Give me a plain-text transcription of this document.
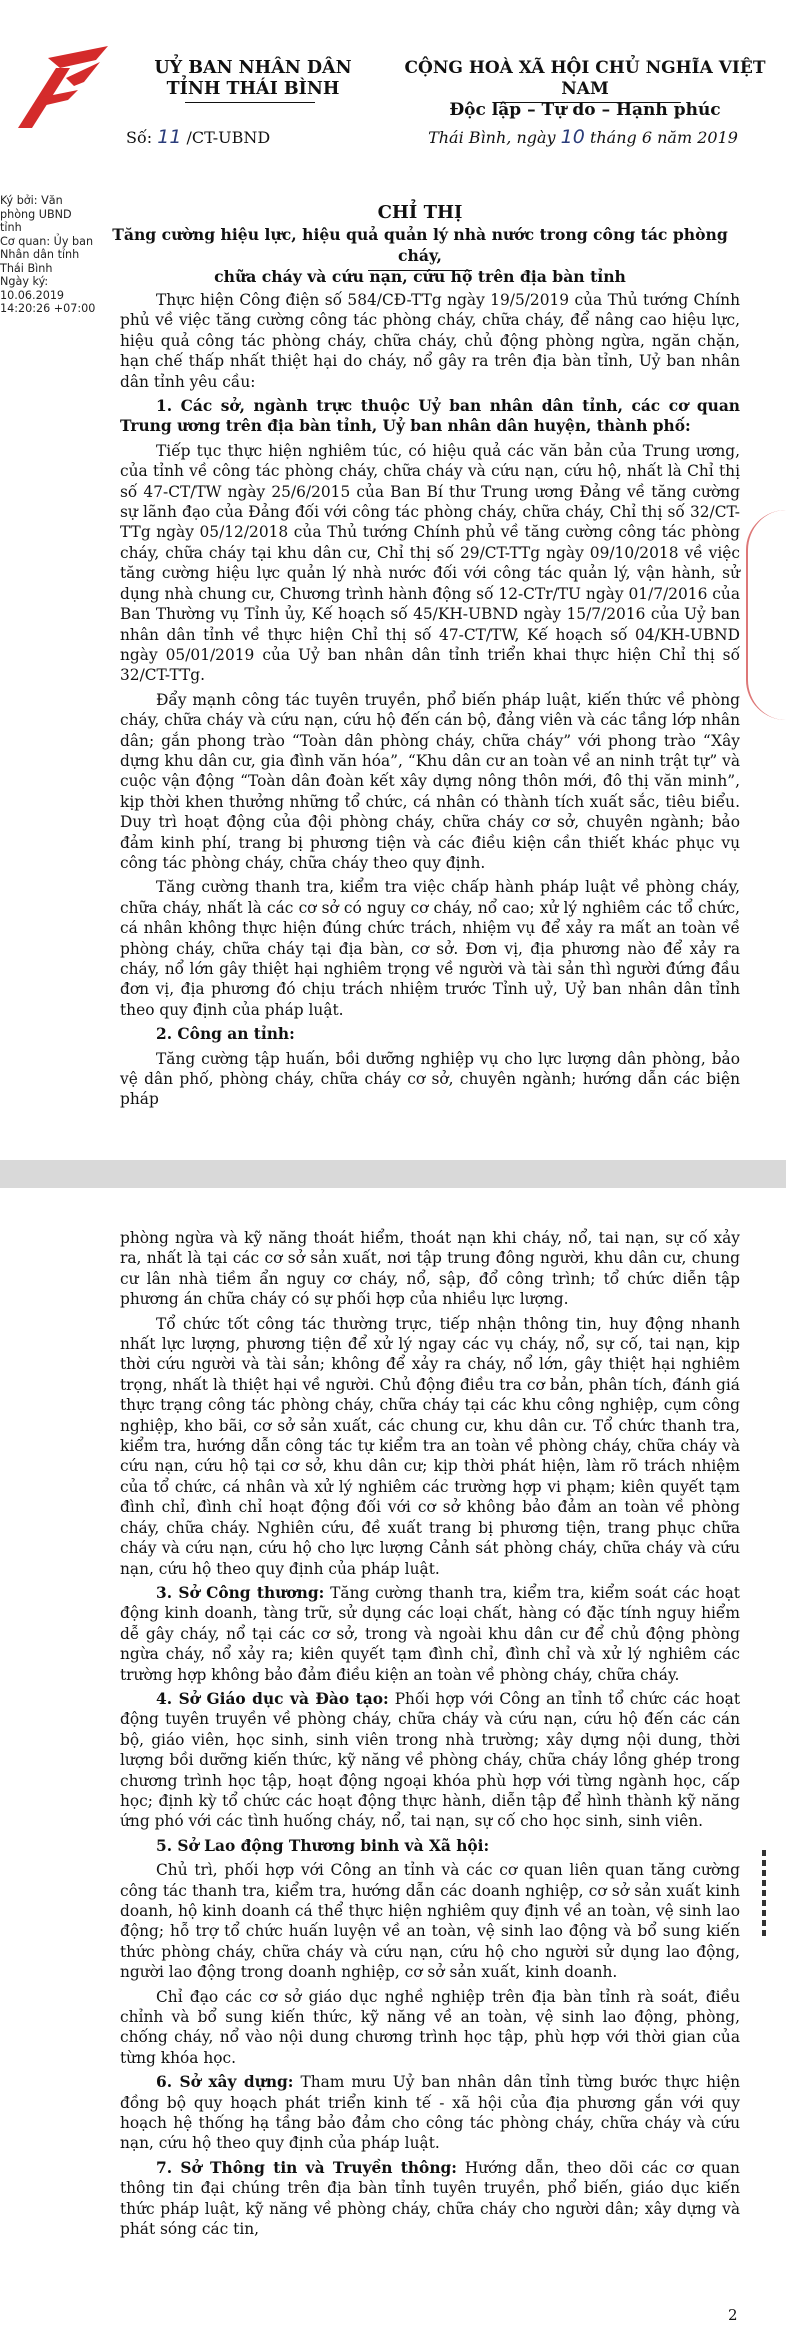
UỶ BAN NHÂN DÂN
TỈNH THÁI BÌNH
CỘNG HOÀ XÃ HỘI CHỦ NGHĨA VIỆT NAM
Độc lập – Tự do – Hạnh phúc
Số: 11 /CT-UBND	Thái Bình, ngày 10 tháng 6 năm 2019
Ký bởi: Văn phòng UBND tỉnh
Cơ quan: Ủy ban Nhân dân tỉnh Thái Bình
Ngày ký: 10.06.2019 14:20:26 +07:00
CHỈ THỊ
Tăng cường hiệu lực, hiệu quả quản lý nhà nước trong công tác phòng cháy,
chữa cháy và cứu nạn, cứu hộ trên địa bàn tỉnh

Thực hiện Công điện số 584/CĐ-TTg ngày 19/5/2019 của Thủ tướng Chính phủ về việc tăng cường công tác phòng cháy, chữa cháy, để nâng cao hiệu lực, hiệu quả công tác phòng cháy, chữa cháy, chủ động phòng ngừa, ngăn chặn, hạn chế thấp nhất thiệt hại do cháy, nổ gây ra trên địa bàn tỉnh, Uỷ ban nhân dân tỉnh yêu cầu:

1. Các sở, ngành trực thuộc Uỷ ban nhân dân tỉnh, các cơ quan Trung ương trên địa bàn tỉnh, Uỷ ban nhân dân huyện, thành phố:

Tiếp tục thực hiện nghiêm túc, có hiệu quả các văn bản của Trung ương, của tỉnh về công tác phòng cháy, chữa cháy và cứu nạn, cứu hộ, nhất là Chỉ thị số 47-CT/TW ngày 25/6/2015 của Ban Bí thư Trung ương Đảng về tăng cường sự lãnh đạo của Đảng đối với công tác phòng cháy, chữa cháy, Chỉ thị số 32/CT-TTg ngày 05/12/2018 của Thủ tướng Chính phủ về tăng cường công tác phòng cháy, chữa cháy tại khu dân cư, Chỉ thị số 29/CT-TTg ngày 09/10/2018 về việc tăng cường hiệu lực quản lý nhà nước đối với công tác quản lý, vận hành, sử dụng nhà chung cư, Chương trình hành động số 12-CTr/TU ngày 01/7/2016 của Ban Thường vụ Tỉnh ủy, Kế hoạch số 45/KH-UBND ngày 15/7/2016 của Uỷ ban nhân dân tỉnh về thực hiện Chỉ thị số 47-CT/TW, Kế hoạch số 04/KH-UBND ngày 05/01/2019 của Uỷ ban nhân dân tỉnh triển khai thực hiện Chỉ thị số 32/CT-TTg.

Đẩy mạnh công tác tuyên truyền, phổ biến pháp luật, kiến thức về phòng cháy, chữa cháy và cứu nạn, cứu hộ đến cán bộ, đảng viên và các tầng lớp nhân dân; gắn phong trào “Toàn dân phòng cháy, chữa cháy” với phong trào “Xây dựng khu dân cư, gia đình văn hóa”, “Khu dân cư an toàn về an ninh trật tự” và cuộc vận động “Toàn dân đoàn kết xây dựng nông thôn mới, đô thị văn minh”, kịp thời khen thưởng những tổ chức, cá nhân có thành tích xuất sắc, tiêu biểu. Duy trì hoạt động của đội phòng cháy, chữa cháy cơ sở, chuyên ngành; bảo đảm kinh phí, trang bị phương tiện và các điều kiện cần thiết khác phục vụ công tác phòng cháy, chữa cháy theo quy định.

Tăng cường thanh tra, kiểm tra việc chấp hành pháp luật về phòng cháy, chữa cháy, nhất là các cơ sở có nguy cơ cháy, nổ cao; xử lý nghiêm các tổ chức, cá nhân không thực hiện đúng chức trách, nhiệm vụ để xảy ra mất an toàn về phòng cháy, chữa cháy tại địa bàn, cơ sở. Đơn vị, địa phương nào để xảy ra cháy, nổ lớn gây thiệt hại nghiêm trọng về người và tài sản thì người đứng đầu đơn vị, địa phương đó chịu trách nhiệm trước Tỉnh uỷ, Uỷ ban nhân dân tỉnh theo quy định của pháp luật.

2. Công an tỉnh:

Tăng cường tập huấn, bồi dưỡng nghiệp vụ cho lực lượng dân phòng, bảo vệ dân phố, phòng cháy, chữa cháy cơ sở, chuyên ngành; hướng dẫn các biện pháp

phòng ngừa và kỹ năng thoát hiểm, thoát nạn khi cháy, nổ, tai nạn, sự cố xảy ra, nhất là tại các cơ sở sản xuất, nơi tập trung đông người, khu dân cư, chung cư lân nhà tiềm ẩn nguy cơ cháy, nổ, sập, đổ công trình; tổ chức diễn tập phương án chữa cháy có sự phối hợp của nhiều lực lượng.

Tổ chức tốt công tác thường trực, tiếp nhận thông tin, huy động nhanh nhất lực lượng, phương tiện để xử lý ngay các vụ cháy, nổ, sự cố, tai nạn, kịp thời cứu người và tài sản; không để xảy ra cháy, nổ lớn, gây thiệt hại nghiêm trọng, nhất là thiệt hại về người. Chủ động điều tra cơ bản, phân tích, đánh giá thực trạng công tác phòng cháy, chữa cháy tại các khu công nghiệp, cụm công nghiệp, kho bãi, cơ sở sản xuất, các chung cư, khu dân cư. Tổ chức thanh tra, kiểm tra, hướng dẫn công tác tự kiểm tra an toàn về phòng cháy, chữa cháy và cứu nạn, cứu hộ tại cơ sở, khu dân cư; kịp thời phát hiện, làm rõ trách nhiệm của tổ chức, cá nhân và xử lý nghiêm các trường hợp vi phạm; kiên quyết tạm đình chỉ, đình chỉ hoạt động đối với cơ sở không bảo đảm an toàn về phòng cháy, chữa cháy. Nghiên cứu, đề xuất trang bị phương tiện, trang phục chữa cháy và cứu nạn, cứu hộ cho lực lượng Cảnh sát phòng cháy, chữa cháy và cứu nạn, cứu hộ theo quy định của pháp luật.

3. Sở Công thương: Tăng cường thanh tra, kiểm tra, kiểm soát các hoạt động kinh doanh, tàng trữ, sử dụng các loại chất, hàng có đặc tính nguy hiểm dễ gây cháy, nổ tại các cơ sở, trong và ngoài khu dân cư để chủ động phòng ngừa cháy, nổ xảy ra; kiên quyết tạm đình chỉ, đình chỉ và xử lý nghiêm các trường hợp không bảo đảm điều kiện an toàn về phòng cháy, chữa cháy.

4. Sở Giáo dục và Đào tạo: Phối hợp với Công an tỉnh tổ chức các hoạt động tuyên truyền về phòng cháy, chữa cháy và cứu nạn, cứu hộ đến các cán bộ, giáo viên, học sinh, sinh viên trong nhà trường; xây dựng nội dung, thời lượng bồi dưỡng kiến thức, kỹ năng về phòng cháy, chữa cháy lồng ghép trong chương trình học tập, hoạt động ngoại khóa phù hợp với từng ngành học, cấp học; định kỳ tổ chức các hoạt động thực hành, diễn tập để hình thành kỹ năng ứng phó với các tình huống cháy, nổ, tai nạn, sự cố cho học sinh, sinh viên.

5. Sở Lao động Thương binh và Xã hội:

Chủ trì, phối hợp với Công an tỉnh và các cơ quan liên quan tăng cường công tác thanh tra, kiểm tra, hướng dẫn các doanh nghiệp, cơ sở sản xuất kinh doanh, hộ kinh doanh cá thể thực hiện nghiêm quy định về an toàn, vệ sinh lao động; hỗ trợ tổ chức huấn luyện về an toàn, vệ sinh lao động và bổ sung kiến thức phòng cháy, chữa cháy và cứu nạn, cứu hộ cho người sử dụng lao động, người lao động trong doanh nghiệp, cơ sở sản xuất, kinh doanh.

Chỉ đạo các cơ sở giáo dục nghề nghiệp trên địa bàn tỉnh rà soát, điều chỉnh và bổ sung kiến thức, kỹ năng về an toàn, vệ sinh lao động, phòng, chống cháy, nổ vào nội dung chương trình học tập, phù hợp với thời gian của từng khóa học.

6. Sở xây dựng: Tham mưu Uỷ ban nhân dân tỉnh từng bước thực hiện đồng bộ quy hoạch phát triển kinh tế - xã hội của địa phương gắn với quy hoạch hệ thống hạ tầng bảo đảm cho công tác phòng cháy, chữa cháy và cứu nạn, cứu hộ theo quy định của pháp luật.

7. Sở Thông tin và Truyền thông: Hướng dẫn, theo dõi các cơ quan thông tin đại chúng trên địa bàn tỉnh tuyên truyền, phổ biến, giáo dục kiến thức pháp luật, kỹ năng về phòng cháy, chữa cháy cho người dân; xây dựng và phát sóng các tin,

2
